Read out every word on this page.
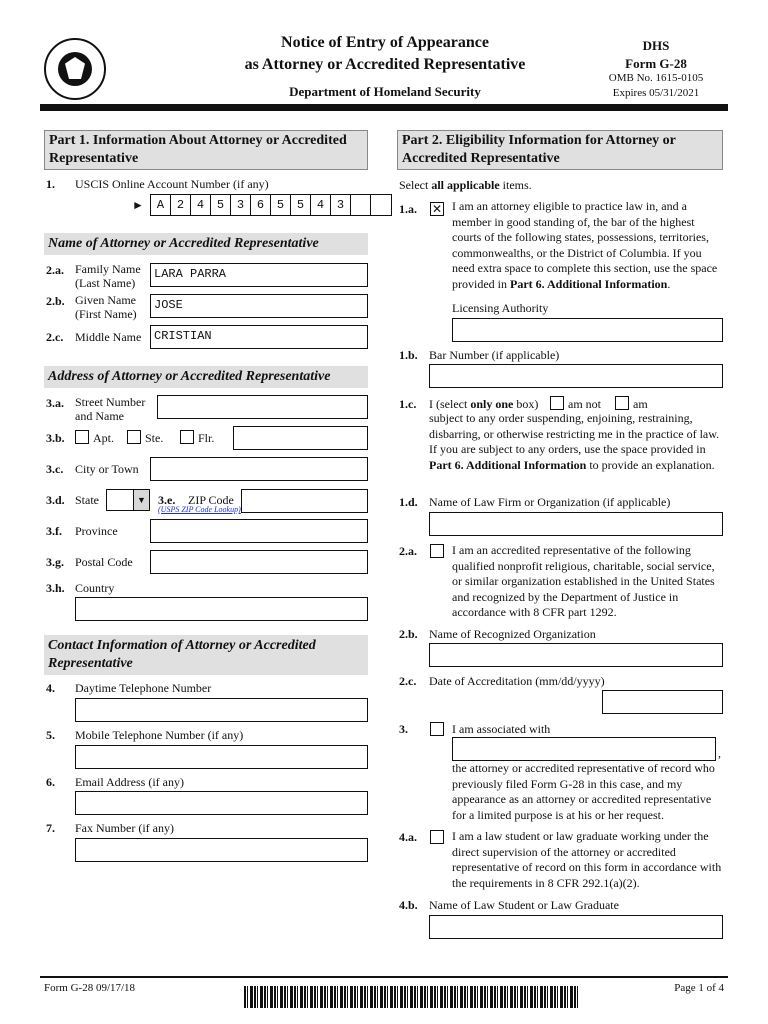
Notice of Entry of Appearance
as Attorney or Accredited Representative
Department of Homeland Security
DHS
Form G-28
OMB No. 1615-0105
Expires 05/31/2021
Part 1. Information About Attorney or Accredited Representative
1. USCIS Online Account Number (if any)
►	A	2	4	5	3	6	5	5	4	3
Name of Attorney or Accredited Representative
2.a. Family Name (Last Name)
LARA PARRA
2.b. Given Name (First Name)
JOSE
2.c. Middle Name	CRISTIAN
Address of Attorney or Accredited Representative
3.a. Street Number and Name
3.b. Apt.	Ste.	Flr.
3.c. City or Town
3.d. State	▼ 3.e. ZIP Code
(USPS ZIP Code Lookup)
3.f. Province
3.g. Postal Code
3.h. Country
Contact Information of Attorney or Accredited Representative
4. Daytime Telephone Number
5. Mobile Telephone Number (if any)
6. Email Address (if any)
7. Fax Number (if any)
Part 2. Eligibility Information for Attorney or Accredited Representative
Select all applicable items.
1.a. ✕ I am an attorney eligible to practice law in, and a member in good standing of, the bar of the highest courts of the following states, possessions, territories, commonwealths, or the District of Columbia. If you need extra space to complete this section, use the space provided in Part 6. Additional Information.
Licensing Authority
1.b. Bar Number (if applicable)
1.c. I (select only one box) am not	am
subject to any order suspending, enjoining, restraining, disbarring, or otherwise restricting me in the practice of law. If you are subject to any orders, use the space provided in Part 6. Additional Information to provide an explanation.
1.d. Name of Law Firm or Organization (if applicable)
2.a.	I am an accredited representative of the following qualified nonprofit religious, charitable, social service, or similar organization established in the United States and recognized by the Department of Justice in accordance with 8 CFR part 1292.
2.b. Name of Recognized Organization
2.c. Date of Accreditation (mm/dd/yyyy)
3.	I am associated with
,
the attorney or accredited representative of record who previously filed Form G-28 in this case, and my appearance as an attorney or accredited representative for a limited purpose is at his or her request.
4.a.	I am a law student or law graduate working under the direct supervision of the attorney or accredited representative of record on this form in accordance with the requirements in 8 CFR 292.1(a)(2).
4.b. Name of Law Student or Law Graduate
Form G-28 09/17/18	Page 1 of 4
